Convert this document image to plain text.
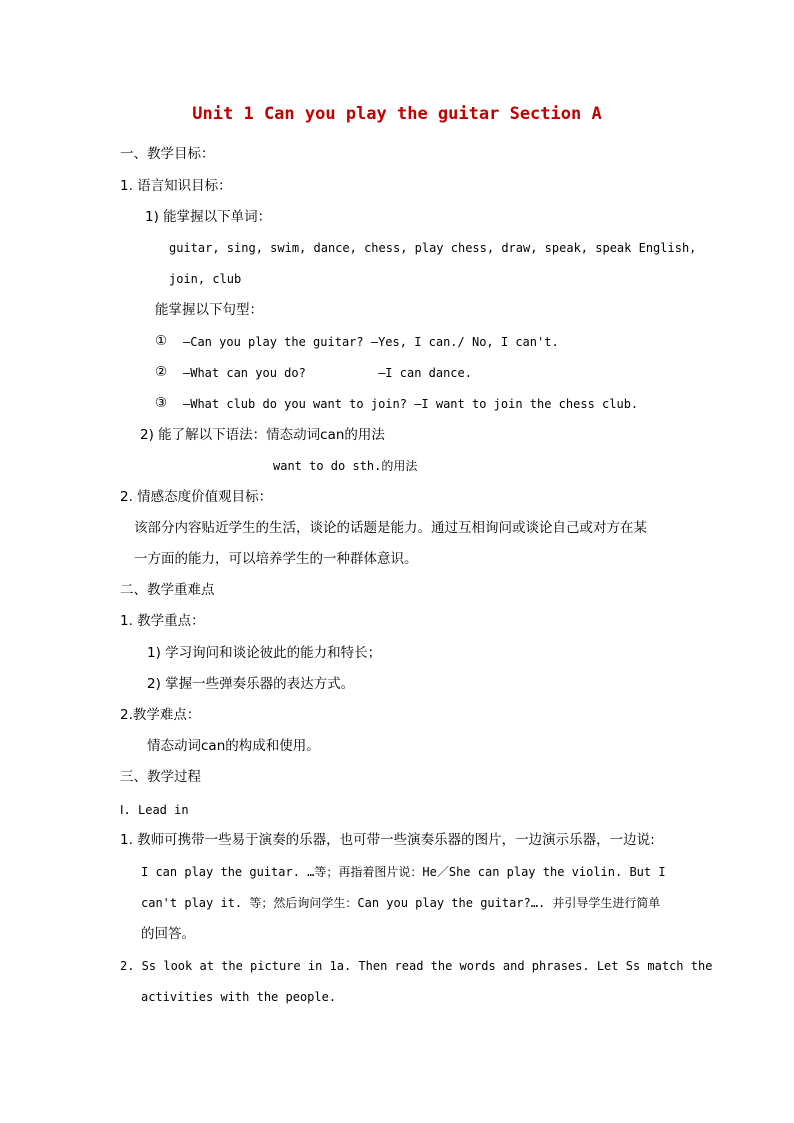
Unit 1 Can you play the guitar Section A
一、教学目标：
1. 语言知识目标：
1) 能掌握以下单词：
guitar, sing, swim, dance, chess, play chess, draw, speak, speak English,
join, club
能掌握以下句型：
① —Can you play the guitar? —Yes, I can./ No, I can't.
② —What can you do?          —I can dance.
③ —What club do you want to join? —I want to join the chess club.
2) 能了解以下语法：情态动词can的用法
want to do sth.的用法
2. 情感态度价值观目标：
该部分内容贴近学生的生活，谈论的话题是能力。通过互相询问或谈论自己或对方在某
一方面的能力，可以培养学生的一种群体意识。
二、教学重难点
1. 教学重点：
1) 学习询问和谈论彼此的能力和特长；
2) 掌握一些弹奏乐器的表达方式。
2.教学难点：
情态动词can的构成和使用。
三、教学过程
Ⅰ. Lead in
1. 教师可携带一些易于演奏的乐器，也可带一些演奏乐器的图片，一边演示乐器，一边说:
I can play the guitar. …等；再指着图片说：He／She can play the violin. But I
can't play it. 等；然后询问学生：Can you play the guitar?…. 并引导学生进行简单
的回答。
2. Ss look at the picture in 1a. Then read the words and phrases. Let Ss match the
activities with the people.
